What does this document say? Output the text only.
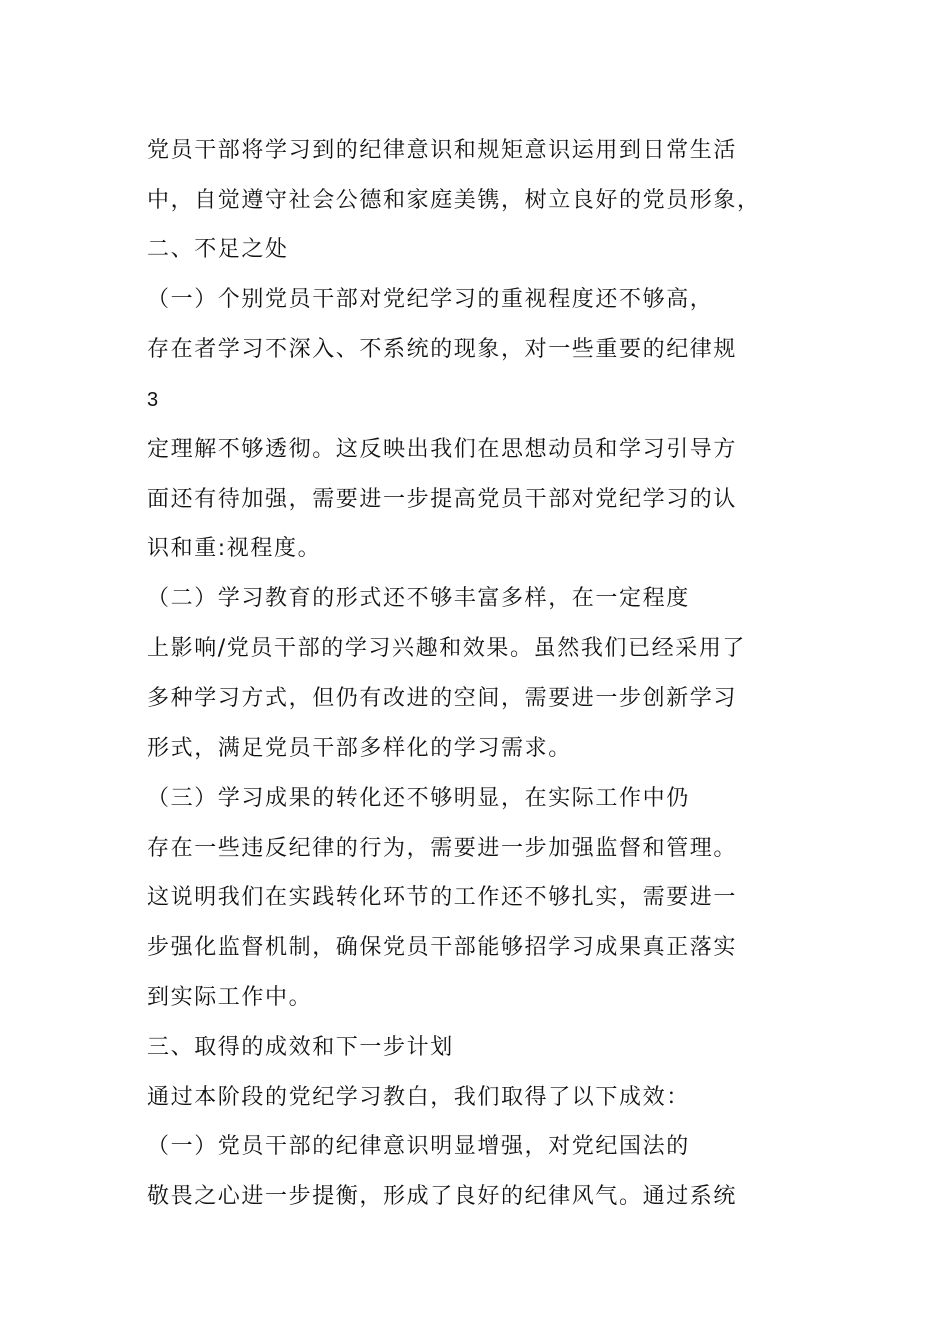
党员干部将学习到的纪律意识和规矩意识运用到日常生活
中，自觉遵守社会公德和家庭美镌，树立良好的党员形象，
二、不足之处
（一）个别党员干部对党纪学习的重视程度还不够高，
存在者学习不深入、不系统的现象，对一些重要的纪律规
3
定理解不够透彻。这反映出我们在思想动员和学习引导方
面还有待加强，需要进一步提高党员干部对党纪学习的认
识和重:视程度。
（二）学习教育的形式还不够丰富多样，在一定程度
上影响/党员干部的学习兴趣和效果。虽然我们已经采用了
多种学习方式，但仍有改进的空间，需要进一步创新学习
形式，满足党员干部多样化的学习需求。
（三）学习成果的转化还不够明显，在实际工作中仍
存在一些违反纪律的行为，需要进一步加强监督和管理。
这说明我们在实践转化环节的工作还不够扎实，需要进一
步强化监督机制，确保党员干部能够招学习成果真正落实
到实际工作中。
三、取得的成效和下一步计划
通过本阶段的党纪学习教白，我们取得了以下成效：
（一）党员干部的纪律意识明显增强，对党纪国法的
敬畏之心进一步提衡，形成了良好的纪律风气。通过系统
